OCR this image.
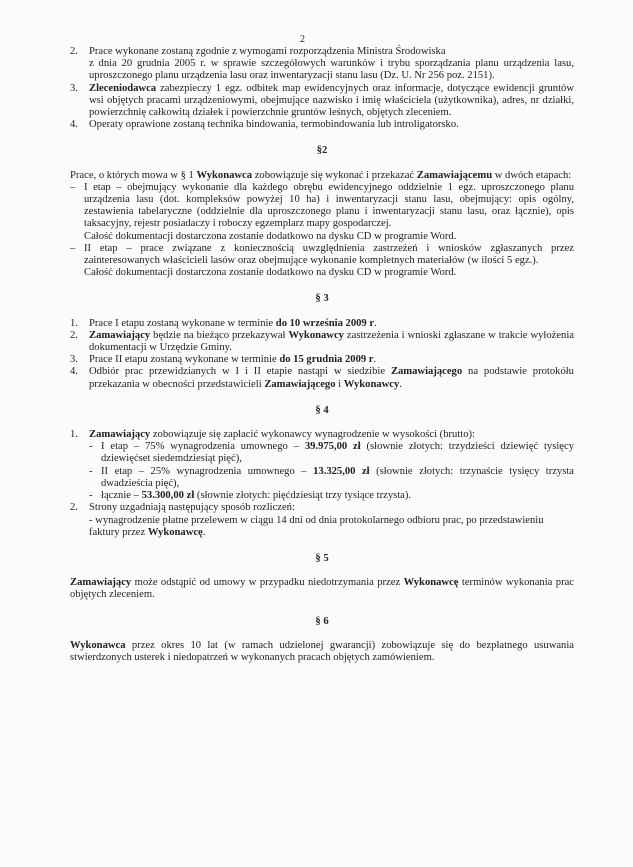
2
2. Prace wykonane zostaną zgodnie z wymogami rozporządzenia Ministra Środowiska
z dnia 20 grudnia 2005 r. w sprawie szczegółowych warunków i trybu sporządzania planu urządzenia lasu, uproszczonego planu urządzenia lasu oraz inwentaryzacji stanu lasu (Dz. U. Nr 256 poz. 2151).
3. Zleceniodawca zabezpieczy 1 egz. odbitek map ewidencyjnych oraz informacje, dotyczące ewidencji gruntów wsi objętych pracami urządzeniowymi, obejmujące nazwisko i imię właściciela (użytkownika), adres, nr działki, powierzchnię całkowitą działek i powierzchnie gruntów leśnych, objętych zleceniem.
4. Operaty oprawione zostaną technika bindowania, termobindowania lub introligatorsko.
§2
Prace, o których mowa w § 1 Wykonawca zobowiązuje się wykonać i przekazać Zamawiającemu w dwóch etapach:
– I etap – obejmujący wykonanie dla każdego obrębu ewidencyjnego oddzielnie 1 egz. uproszczonego planu urządzenia lasu (dot. kompleksów powyżej 10 ha) i inwentaryzacji stanu lasu, obejmujący: opis ogólny, zestawienia tabelaryczne (oddzielnie dla uproszczonego planu i inwentaryzacji stanu lasu, oraz łącznie), opis taksacyjny, rejestr posiadaczy i roboczy egzemplarz mapy gospodarczej.
Całość dokumentacji dostarczona zostanie dodatkowo na dysku CD w programie Word.
– II etap – prace związane z koniecznością uwzględnienia zastrzeżeń i wniosków zgłaszanych przez zainteresowanych właścicieli lasów oraz obejmujące wykonanie kompletnych materiałów (w ilości 5 egz.).
Całość dokumentacji dostarczona zostanie dodatkowo na dysku CD w programie Word.
§ 3
1. Prace I etapu zostaną wykonane w terminie do 10 września 2009 r.
2. Zamawiający będzie na bieżąco przekazywał Wykonawcy zastrzeżenia i wnioski zgłaszane w trakcie wyłożenia dokumentacji w Urzędzie Gminy.
3. Prace II etapu zostaną wykonane w terminie do 15 grudnia 2009 r.
4. Odbiór prac przewidzianych w I i II etapie nastąpi w siedzibie Zamawiającego na podstawie protokółu przekazania w obecności przedstawicieli Zamawiającego i Wykonawcy.
§ 4
1. Zamawiający zobowiązuje się zapłacić wykonawcy wynagrodzenie w wysokości (brutto):
- I etap – 75% wynagrodzenia umownego – 39.975,00 zł (słownie złotych: trzydzieści dziewięć tysięcy dziewięćset siedemdziesiąt pięć),
- II etap – 25% wynagrodzenia umownego – 13.325,00 zł (słownie złotych: trzynaście tysięcy trzysta dwadzieścia pięć),
- łącznie – 53.300,00 zł (słownie złotych: pięćdziesiąt trzy tysiące trzysta).
2. Strony uzgadniają następujący sposób rozliczeń:
- wynagrodzenie płatne przelewem w ciągu 14 dni od dnia protokolarnego odbioru prac, po przedstawieniu faktury przez Wykonawcę.
§ 5
Zamawiający może odstąpić od umowy w przypadku niedotrzymania przez Wykonawcę terminów wykonania prac objętych zleceniem.
§ 6
Wykonawca przez okres 10 lat (w ramach udzielonej gwarancji) zobowiązuje się do bezpłatnego usuwania stwierdzonych usterek i niedopatrzeń w wykonanych pracach objętych zamówieniem.
